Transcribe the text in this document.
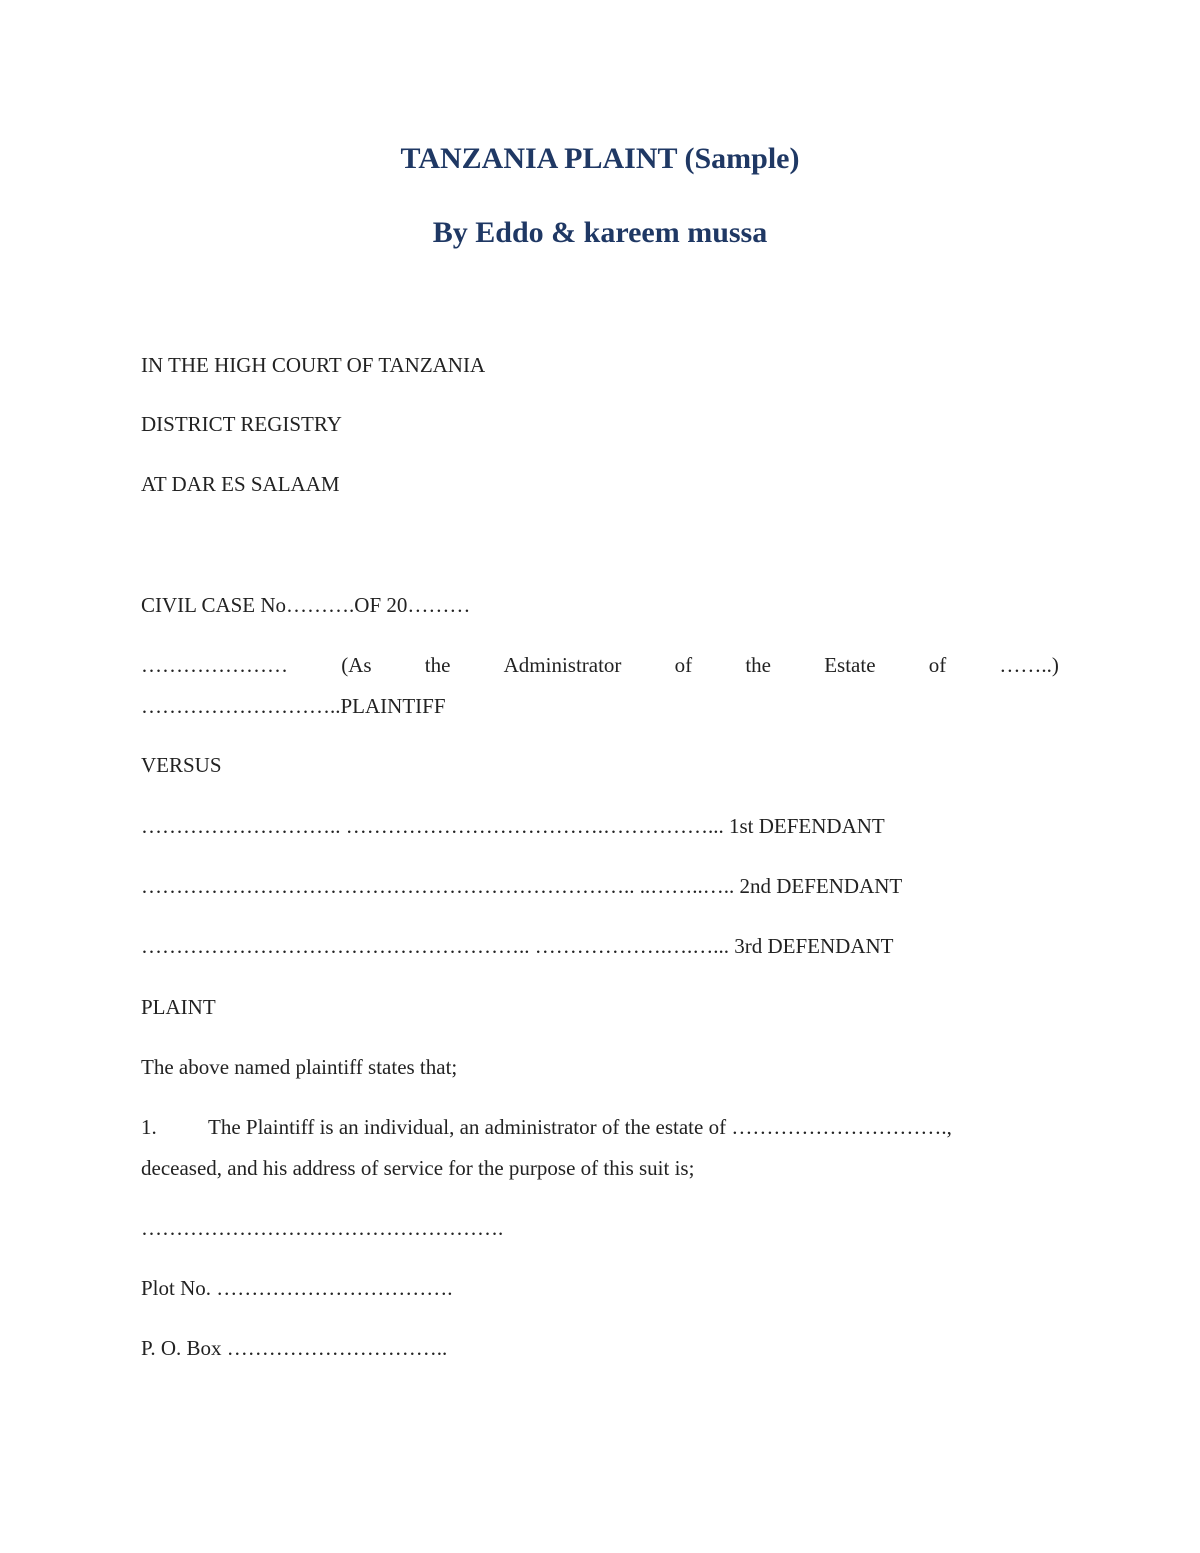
TANZANIA PLAINT (Sample)
By Eddo & kareem mussa

IN THE HIGH COURT OF TANZANIA

DISTRICT REGISTRY

AT DAR ES SALAAM

CIVIL CASE No……….OF 20………

…………………	(As	the	Administrator	of	the	Estate	of	……..)

………………………..PLAINTIFF

VERSUS

……………………….. ……………………………….……………... 1st DEFENDANT

…………………………………………………………….. ..……..….. 2nd DEFENDANT

……………………………………………….. ……………….….…... 3rd DEFENDANT

PLAINT

The above named plaintiff states that;

1. The Plaintiff is an individual, an administrator of the estate of ………………………….,

deceased, and his address of service for the purpose of this suit is;

…………………………………………….

Plot No. …………………………….

P. O. Box …………………………..
